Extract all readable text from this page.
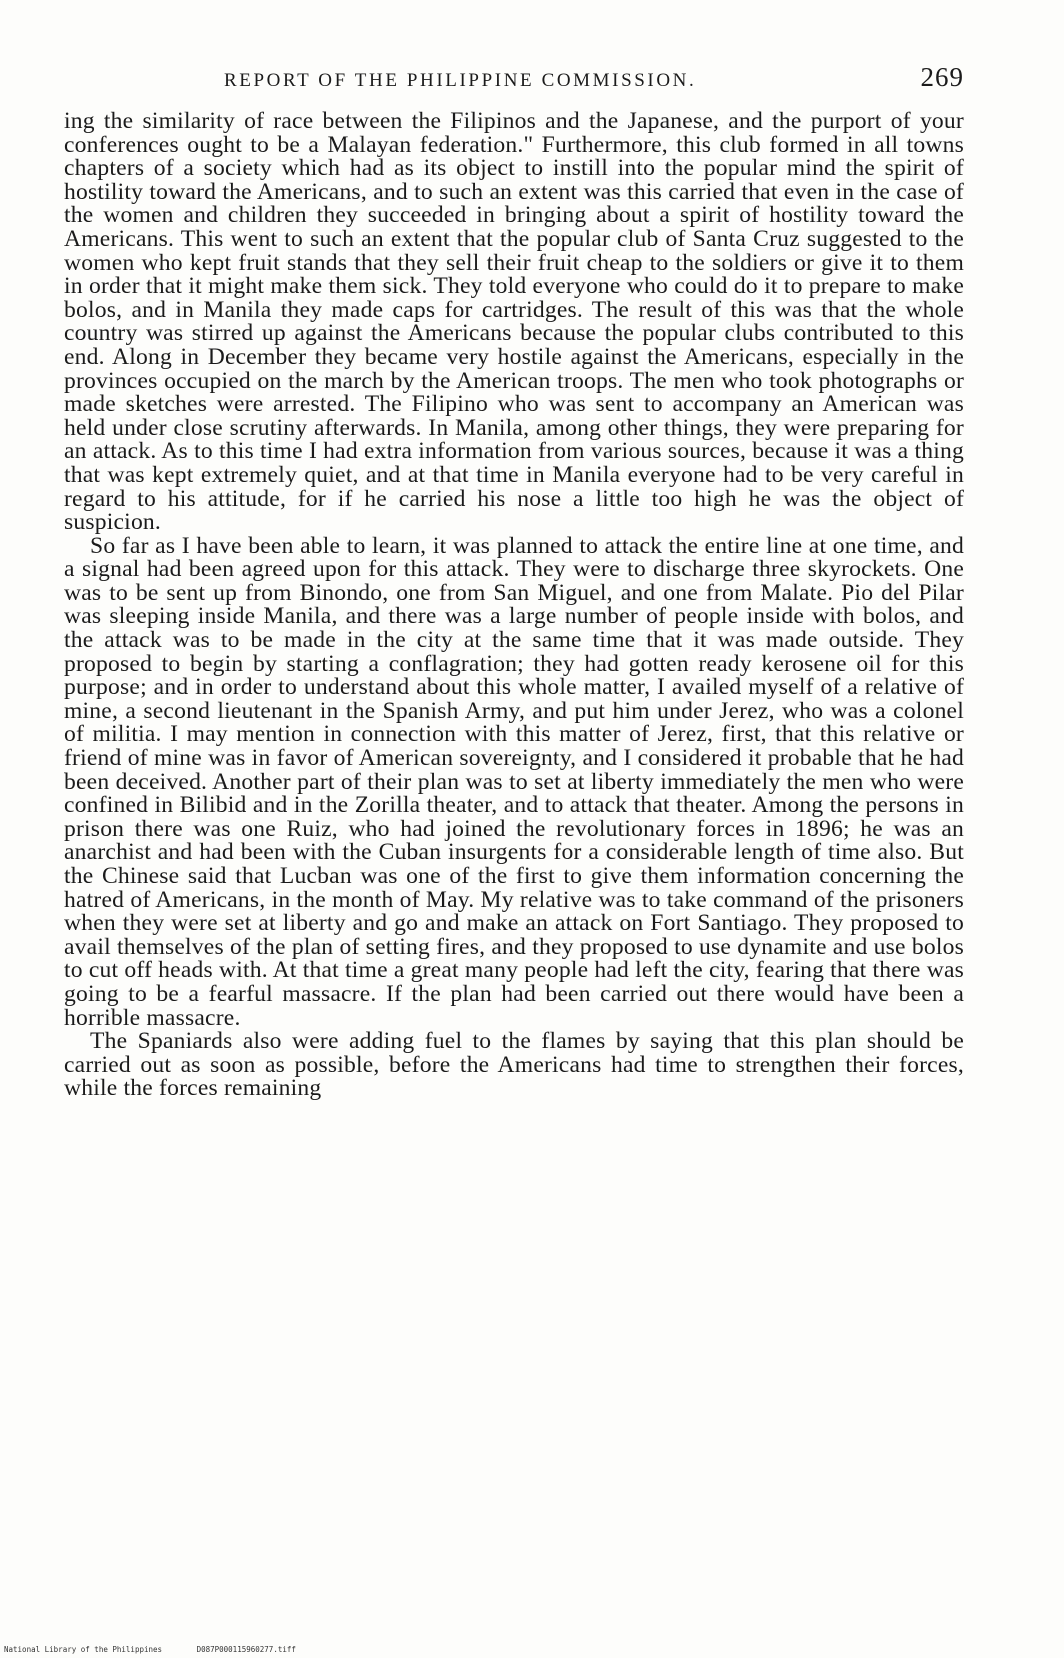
REPORT OF THE PHILIPPINE COMMISSION.	269

ing the similarity of race between the Filipinos and the Japanese, and the purport of your conferences ought to be a Malayan federation." Furthermore, this club formed in all towns chapters of a society which had as its object to instill into the popular mind the spirit of hostility toward the Americans, and to such an extent was this carried that even in the case of the women and children they succeeded in bringing about a spirit of hostility toward the Americans. This went to such an extent that the popular club of Santa Cruz suggested to the women who kept fruit stands that they sell their fruit cheap to the soldiers or give it to them in order that it might make them sick. They told everyone who could do it to prepare to make bolos, and in Manila they made caps for cartridges. The result of this was that the whole country was stirred up against the Americans because the popular clubs contributed to this end. Along in December they became very hostile against the Americans, especially in the provinces occupied on the march by the American troops. The men who took photographs or made sketches were arrested. The Filipino who was sent to accompany an American was held under close scrutiny afterwards. In Manila, among other things, they were preparing for an attack. As to this time I had extra information from various sources, because it was a thing that was kept extremely quiet, and at that time in Manila everyone had to be very careful in regard to his attitude, for if he carried his nose a little too high he was the object of suspicion.

So far as I have been able to learn, it was planned to attack the entire line at one time, and a signal had been agreed upon for this attack. They were to discharge three skyrockets. One was to be sent up from Binondo, one from San Miguel, and one from Malate. Pio del Pilar was sleeping inside Manila, and there was a large number of people inside with bolos, and the attack was to be made in the city at the same time that it was made outside. They proposed to begin by starting a conflagration; they had gotten ready kerosene oil for this purpose; and in order to understand about this whole matter, I availed myself of a relative of mine, a second lieutenant in the Spanish Army, and put him under Jerez, who was a colonel of militia. I may mention in connection with this matter of Jerez, first, that this relative or friend of mine was in favor of American sovereignty, and I considered it probable that he had been deceived. Another part of their plan was to set at liberty immediately the men who were confined in Bilibid and in the Zorilla theater, and to attack that theater. Among the persons in prison there was one Ruiz, who had joined the revolutionary forces in 1896; he was an anarchist and had been with the Cuban insurgents for a considerable length of time also. But the Chinese said that Lucban was one of the first to give them information concerning the hatred of Americans, in the month of May. My relative was to take command of the prisoners when they were set at liberty and go and make an attack on Fort Santiago. They proposed to avail themselves of the plan of setting fires, and they proposed to use dynamite and use bolos to cut off heads with. At that time a great many people had left the city, fearing that there was going to be a fearful massacre. If the plan had been carried out there would have been a horrible massacre.

The Spaniards also were adding fuel to the flames by saying that this plan should be carried out as soon as possible, before the Americans had time to strengthen their forces, while the forces remaining

National Library of the Philippines	D087P000115960277.tiff
